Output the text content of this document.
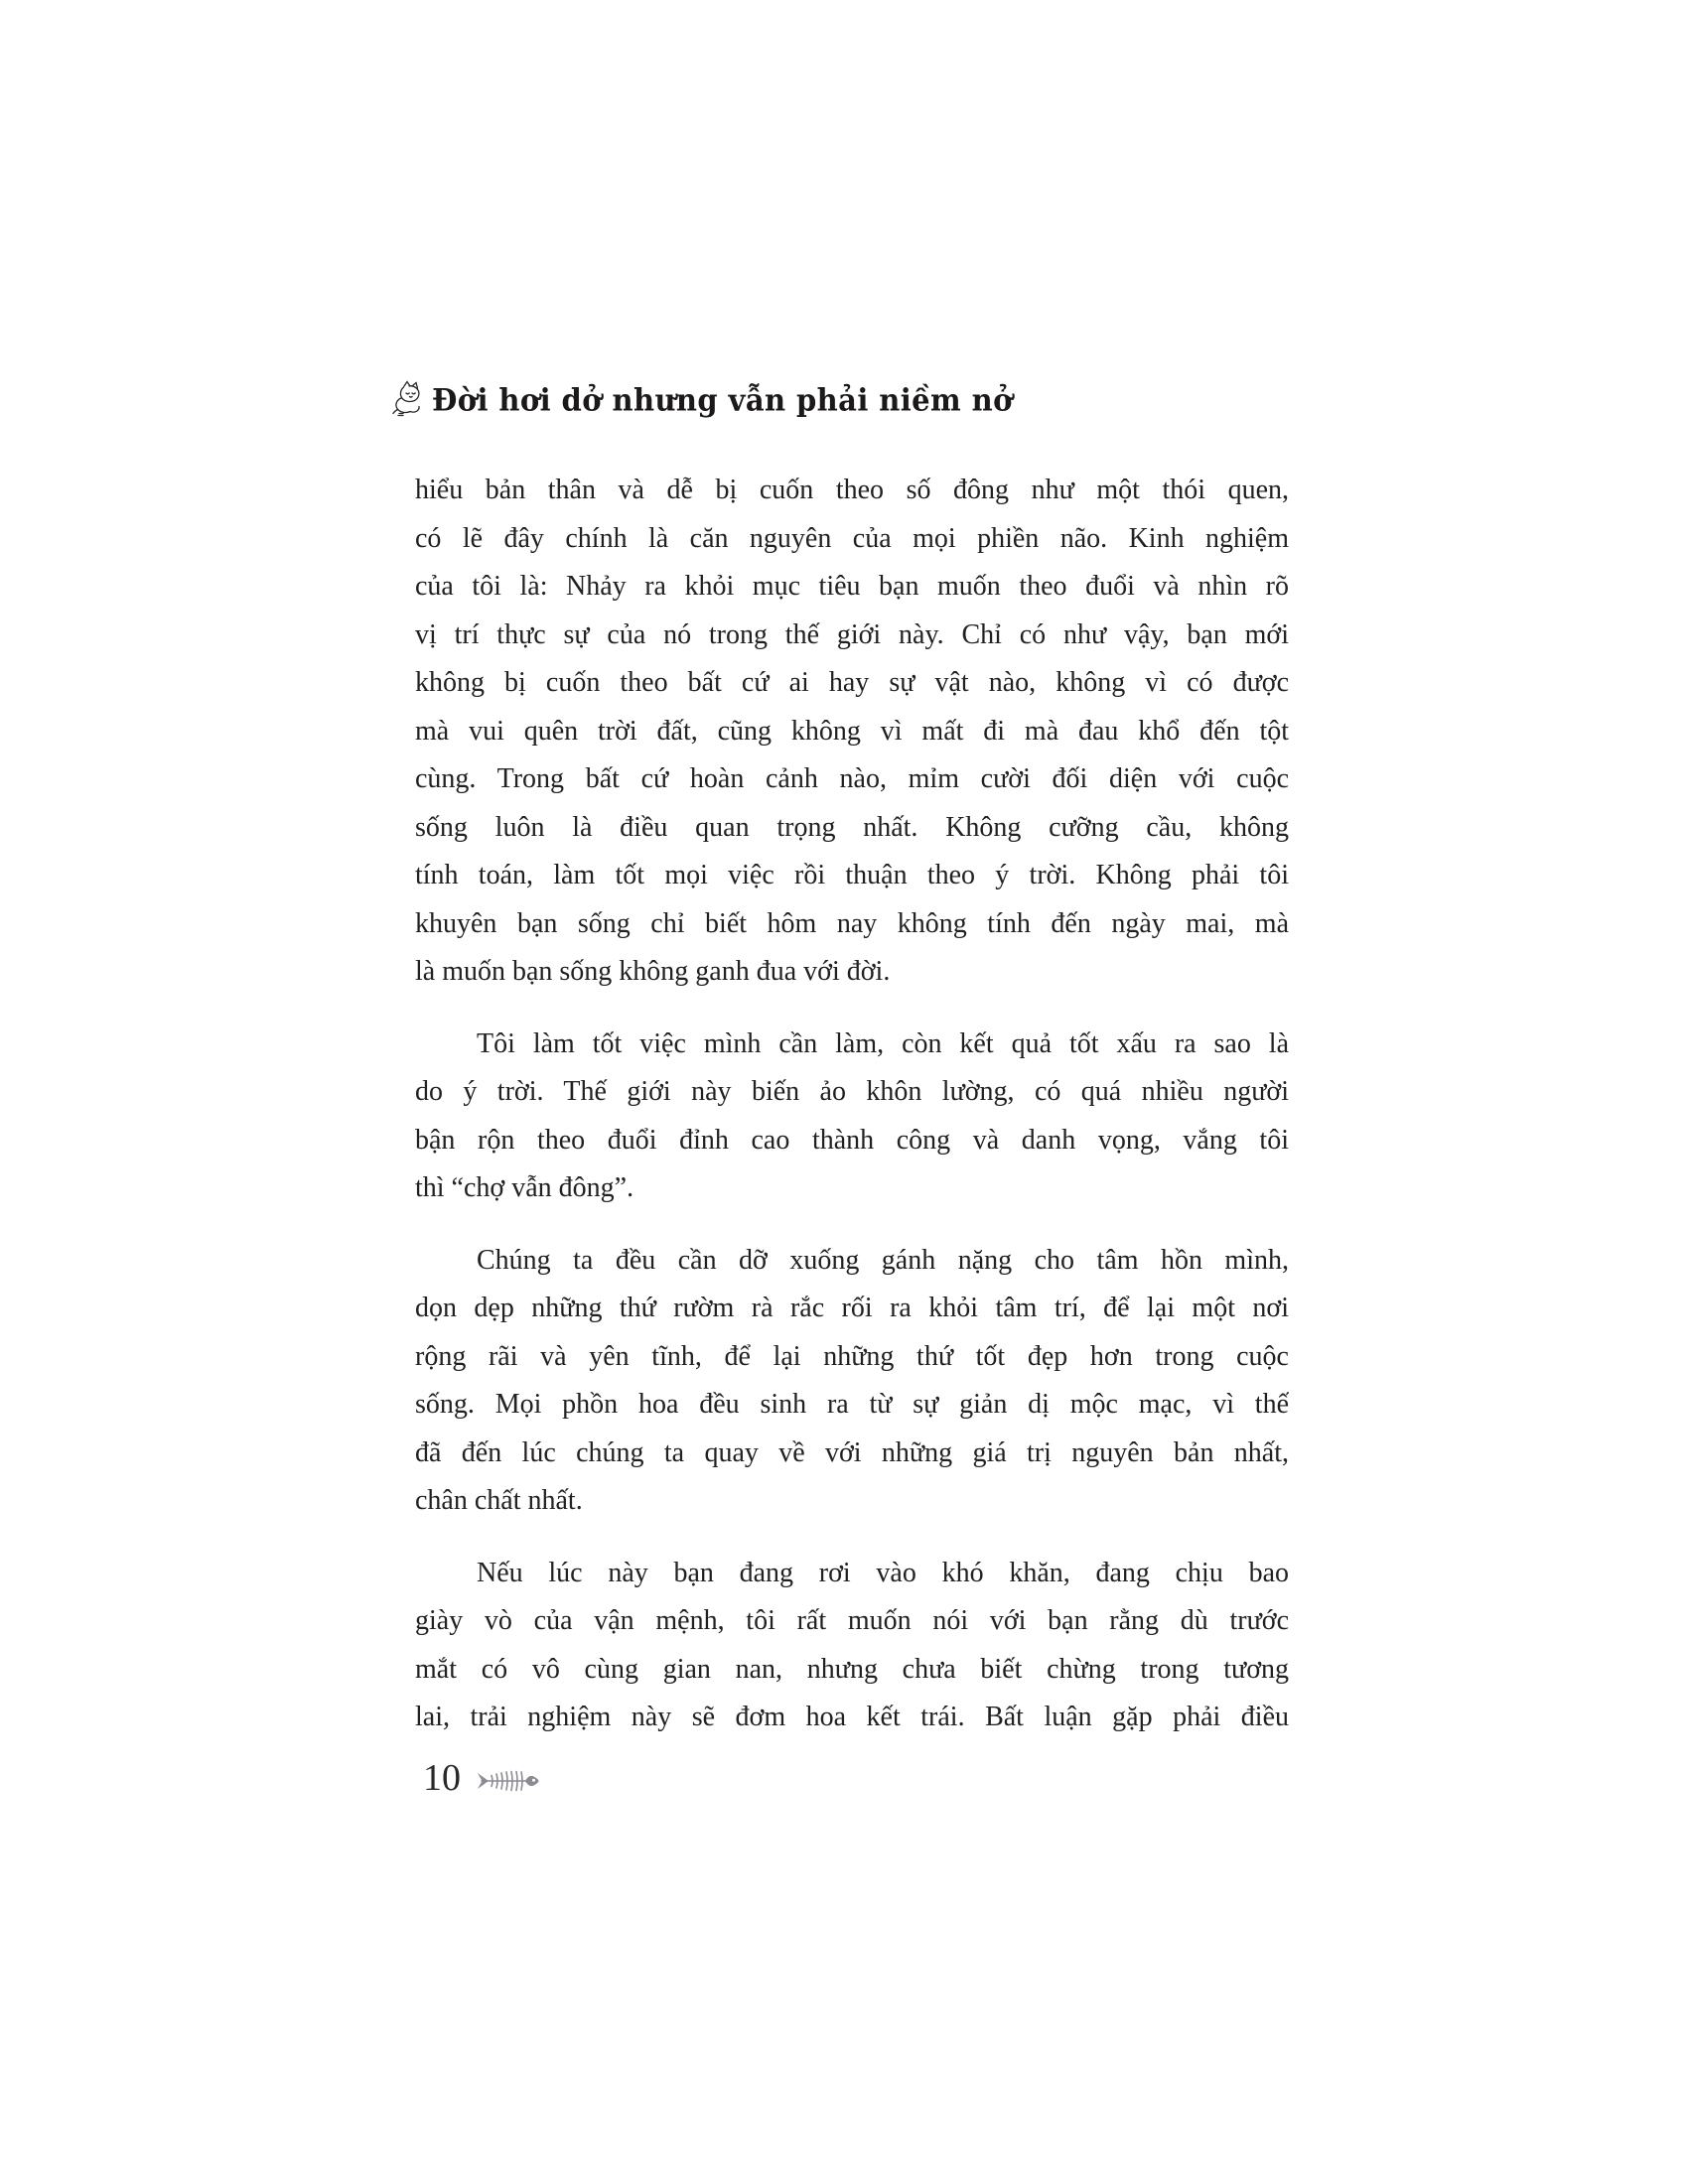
Đời hơi dở nhưng vẫn phải niềm nở

hiểu bản thân và dễ bị cuốn theo số đông như một thói quen,
có lẽ đây chính là căn nguyên của mọi phiền não. Kinh nghiệm
của tôi là: Nhảy ra khỏi mục tiêu bạn muốn theo đuổi và nhìn rõ
vị trí thực sự của nó trong thế giới này. Chỉ có như vậy, bạn mới
không bị cuốn theo bất cứ ai hay sự vật nào, không vì có được
mà vui quên trời đất, cũng không vì mất đi mà đau khổ đến tột
cùng. Trong bất cứ hoàn cảnh nào, mỉm cười đối diện với cuộc
sống luôn là điều quan trọng nhất. Không cưỡng cầu, không
tính toán, làm tốt mọi việc rồi thuận theo ý trời. Không phải tôi
khuyên bạn sống chỉ biết hôm nay không tính đến ngày mai, mà
là muốn bạn sống không ganh đua với đời.

Tôi làm tốt việc mình cần làm, còn kết quả tốt xấu ra sao là
do ý trời. Thế giới này biến ảo khôn lường, có quá nhiều người
bận rộn theo đuổi đỉnh cao thành công và danh vọng, vắng tôi
thì “chợ vẫn đông”.

Chúng ta đều cần dỡ xuống gánh nặng cho tâm hồn mình,
dọn dẹp những thứ rườm rà rắc rối ra khỏi tâm trí, để lại một nơi
rộng rãi và yên tĩnh, để lại những thứ tốt đẹp hơn trong cuộc
sống. Mọi phồn hoa đều sinh ra từ sự giản dị mộc mạc, vì thế
đã đến lúc chúng ta quay về với những giá trị nguyên bản nhất,
chân chất nhất.

Nếu lúc này bạn đang rơi vào khó khăn, đang chịu bao
giày vò của vận mệnh, tôi rất muốn nói với bạn rằng dù trước
mắt có vô cùng gian nan, nhưng chưa biết chừng trong tương
lai, trải nghiệm này sẽ đơm hoa kết trái. Bất luận gặp phải điều

10
